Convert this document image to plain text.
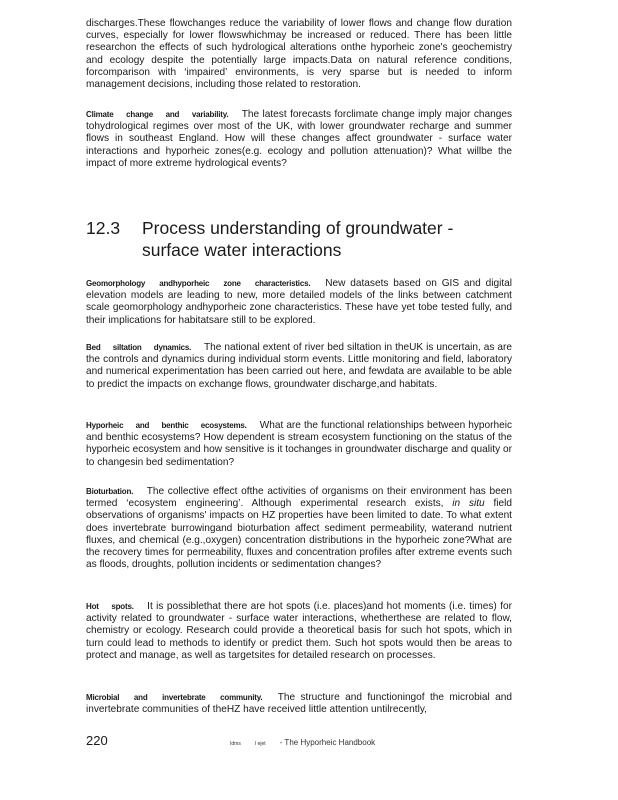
discharges.These flowchanges reduce the variability of lower flows and change flow duration curves, especially for lower flowswhichmay be increased or reduced. There has been little researchon the effects of such hydrological alterations onthe hyporheic zone's geochemistry and ecology despite the potentially large impacts.Data on natural reference conditions, forcomparison with ‘impaired’ environments, is very sparse but is needed to inform management decisions, including those related to restoration.

Climate change and variability. The latest forecasts forclimate change imply major changes tohydrological regimes over most of the UK, with lower groundwater recharge and summer flows in southeast England. How will these changes affect groundwater - surface water interactions and hyporheic zones(e.g. ecology and pollution attenuation)? What willbe the impact of more extreme hydrological events?

12.3 Process understanding of groundwater -
surface water interactions

Geomorphology andhyporheic zone characteristics. New datasets based on GIS and digital elevation models are leading to new, more detailed models of the links between catchment scale geomorphology andhyporheic zone characteristics. These have yet tobe tested fully, and their implications for habitatsare still to be explored.

Bed siltation dynamics. The national extent of river bed siltation in theUK is uncertain, as are the controls and dynamics during individual storm events. Little monitoring and field, laboratory and numerical experimentation has been carried out here, and fewdata are available to be able to predict the impacts on exchange flows, groundwater discharge,and habitats.

Hyporheic and benthic ecosystems. What are the functional relationships between hyporheic and benthic ecosystems? How dependent is stream ecosystem functioning on the status of the hyporheic ecosystem and how sensitive is it tochanges in groundwater discharge and quality or to changesin bed sedimentation?

Bioturbation. The collective effect ofthe activities of organisms on their environment has been termed ‘ecosystem engineering’. Although experimental research exists, in situ field observations of organisms' impacts on HZ properties have been limited to date. To what extent does invertebrate burrowingand bioturbation affect sediment permeability, waterand nutrient fluxes, and chemical (e.g.,oxygen) concentration distributions in the hyporheic zone?What are the recovery times for permeability, fluxes and concentration profiles after extreme events such as floods, droughts, pollution incidents or sedimentation changes?

Hot spots. It is possiblethat there are hot spots (i.e. places)and hot moments (i.e. times) for activity related to groundwater - surface water interactions, whetherthese are related to flow, chemistry or ecology. Research could provide a theoretical basis for such hot spots, which in turn could lead to methods to identify or predict them. Such hot spots would then be areas to protect and manage, as well as targetsites for detailed research on processes.

Microbial and invertebrate community. The structure and functioningof the microbial and invertebrate communities of theHZ have received little attention untilrecently,

220	Idms	I ejet - The Hyporheic Handbook
